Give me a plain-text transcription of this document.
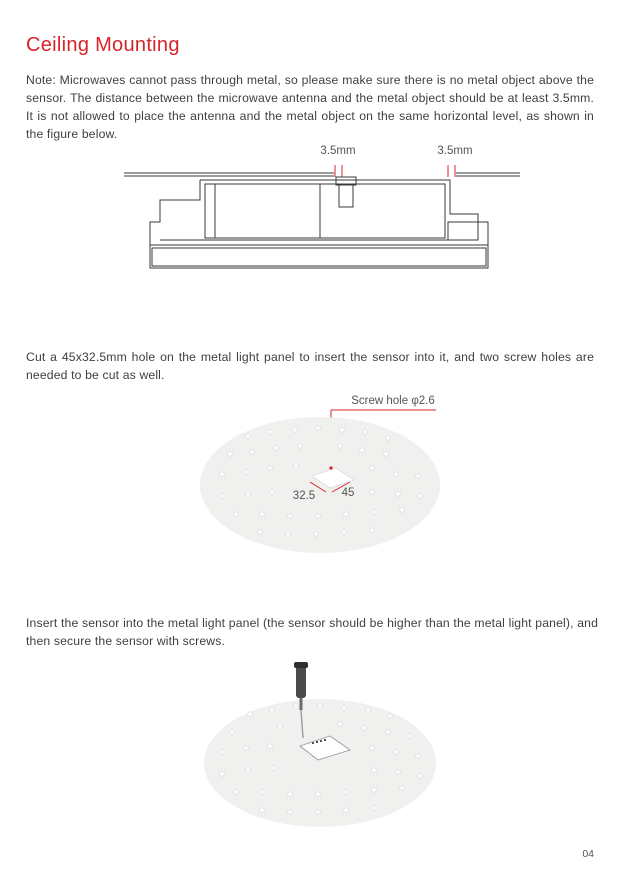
Ceiling Mounting
Note: Microwaves cannot pass through metal, so please make sure there is no metal object above the sensor. The distance between the microwave antenna and the metal object should be at least 3.5mm. It is not allowed to place the antenna and the metal object on the same horizontal level, as shown in the figure below.
3.5mm	3.5mm
Cut a 45x32.5mm hole on the metal light panel to insert the sensor into it, and two screw holes are needed to be cut as well.
Screw hole φ2.6
32.5 45
Insert the sensor into the metal light panel (the sensor should be higher than the metal light panel), and then secure the sensor with screws.
04
